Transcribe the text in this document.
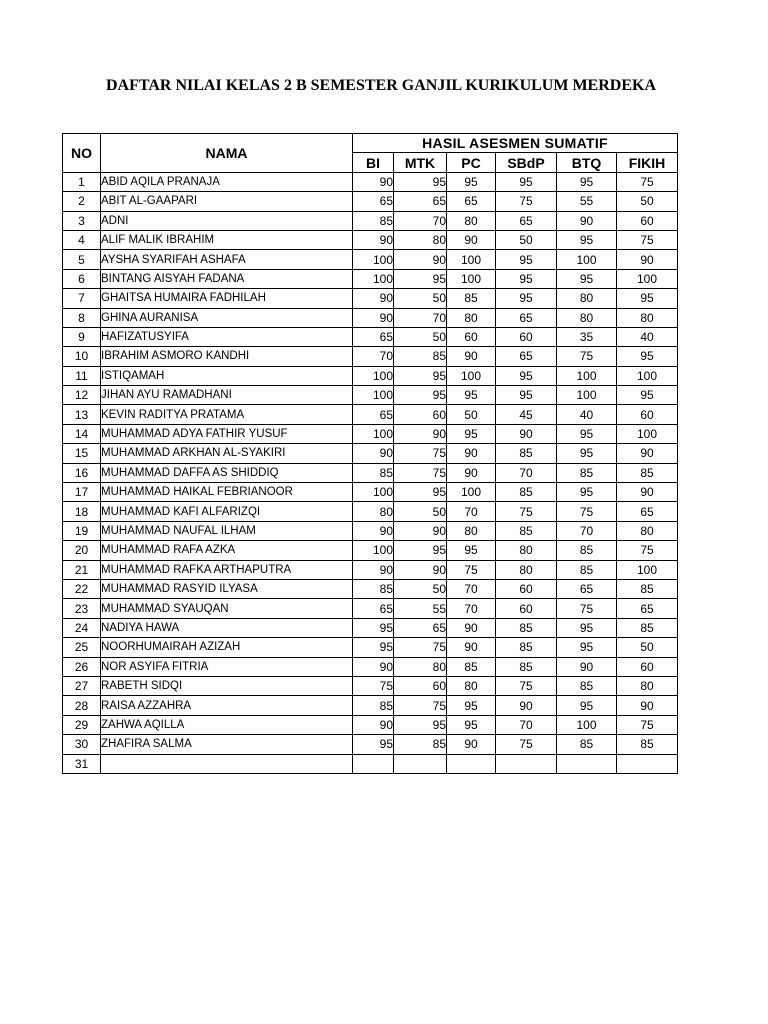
DAFTAR NILAI KELAS 2 B SEMESTER GANJIL KURIKULUM MERDEKA
NO	NAMA	HASIL ASESMEN SUMATIF					
		BI	MTK	PC	SBdP	BTQ	FIKIH
1	ABID AQILA PRANAJA	90	95	95	95	95	75
2	ABIT AL-GAAPARI	65	65	65	75	55	50
3	ADNI	85	70	80	65	90	60
4	ALIF MALIK IBRAHIM	90	80	90	50	95	75
5	AYSHA SYARIFAH ASHAFA	100	90	100	95	100	90
6	BINTANG AISYAH FADANA	100	95	100	95	95	100
7	GHAITSA HUMAIRA FADHILAH	90	50	85	95	80	95
8	GHINA AURANISA	90	70	80	65	80	80
9	HAFIZATUSYIFA	65	50	60	60	35	40
10	IBRAHIM ASMORO KANDHI	70	85	90	65	75	95
11	ISTIQAMAH	100	95	100	95	100	100
12	JIHAN AYU RAMADHANI	100	95	95	95	100	95
13	KEVIN RADITYA PRATAMA	65	60	50	45	40	60
14	MUHAMMAD ADYA FATHIR YUSUF	100	90	95	90	95	100
15	MUHAMMAD ARKHAN AL-SYAKIRI	90	75	90	85	95	90
16	MUHAMMAD DAFFA AS SHIDDIQ	85	75	90	70	85	85
17	MUHAMMAD HAIKAL FEBRIANOOR	100	95	100	85	95	90
18	MUHAMMAD KAFI ALFARIZQI	80	50	70	75	75	65
19	MUHAMMAD NAUFAL ILHAM	90	90	80	85	70	80
20	MUHAMMAD RAFA AZKA	100	95	95	80	85	75
21	MUHAMMAD RAFKA ARTHAPUTRA	90	90	75	80	85	100
22	MUHAMMAD RASYID ILYASA	85	50	70	60	65	85
23	MUHAMMAD SYAUQAN	65	55	70	60	75	65
24	NADIYA HAWA	95	65	90	85	95	85
25	NOORHUMAIRAH AZIZAH	95	75	90	85	95	50
26	NOR ASYIFA FITRIA	90	80	85	85	90	60
27	RABETH SIDQI	75	60	80	75	85	80
28	RAISA AZZAHRA	85	75	95	90	95	90
29	ZAHWA AQILLA	90	95	95	70	100	75
30	ZHAFIRA SALMA	95	85	90	75	85	85
31							
